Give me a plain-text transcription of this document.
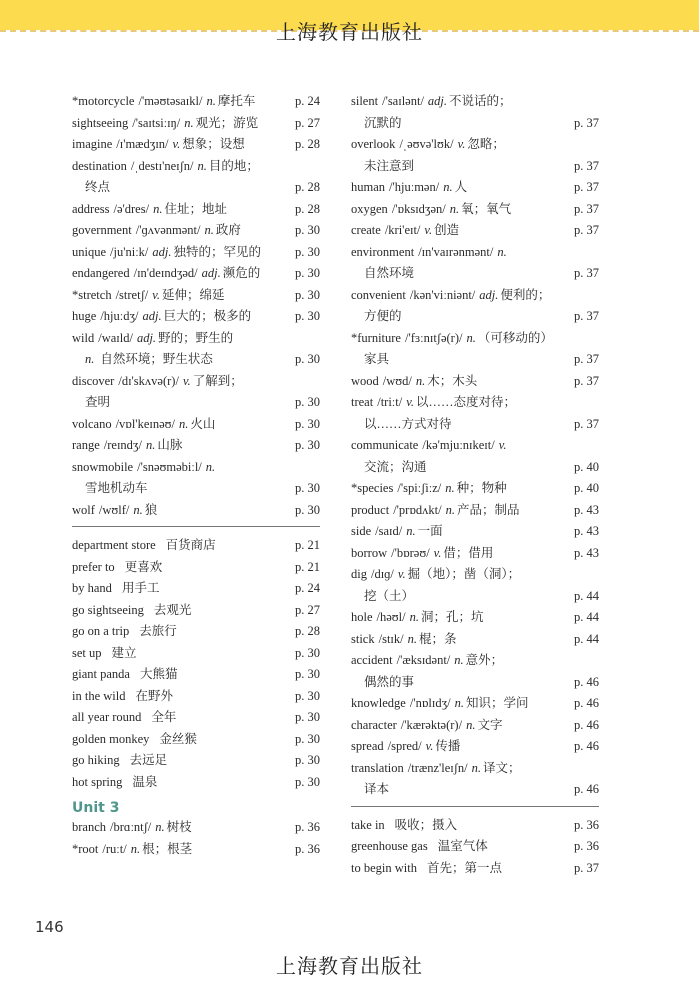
上海教育出版社
*motorcycle /'məʊtəsaɪkl/ n. 摩托车	p. 24
sightseeing /'saɪtsiːɪŋ/ n. 观光；游览	p. 27
imagine /ɪ'mædʒɪn/ v. 想象；设想	p. 28
destination /ˌdestɪ'neɪʃn/ n. 目的地；
终点	p. 28
address /ə'dres/ n. 住址；地址	p. 28
government /'ɡʌvənmənt/ n. 政府	p. 30
unique /ju'niːk/ adj. 独特的；罕见的	p. 30
endangered /ɪn'deɪndʒəd/ adj. 濒危的	p. 30
*stretch /stretʃ/ v. 延伸；绵延	p. 30
huge /hjuːdʒ/ adj. 巨大的；极多的	p. 30
wild /waɪld/ adj. 野的；野生的
n. 自然环境；野生状态	p. 30
discover /dɪ'skʌvə(r)/ v. 了解到；
查明	p. 30
volcano /vɒl'keɪnəʊ/ n. 火山	p. 30
range /reɪndʒ/ n. 山脉	p. 30
snowmobile /'snəʊməbiːl/ n.
雪地机动车	p. 30
wolf /wʊlf/ n. 狼	p. 30
department store 百货商店	p. 21
prefer to 更喜欢	p. 21
by hand 用手工	p. 24
go sightseeing 去观光	p. 27
go on a trip 去旅行	p. 28
set up 建立	p. 30
giant panda 大熊猫	p. 30
in the wild 在野外	p. 30
all year round 全年	p. 30
golden monkey 金丝猴	p. 30
go hiking 去远足	p. 30
hot spring 温泉	p. 30
Unit 3
branch /brɑːntʃ/ n. 树枝	p. 36
*root /ruːt/ n. 根；根茎	p. 36
silent /'saɪlənt/ adj. 不说话的；
沉默的	p. 37
overlook /ˌəʊvə'lʊk/ v. 忽略；
未注意到	p. 37
human /'hjuːmən/ n. 人	p. 37
oxygen /'ɒksɪdʒən/ n. 氧；氧气	p. 37
create /kri'eɪt/ v. 创造	p. 37
environment /ɪn'vaɪrənmənt/ n.
自然环境	p. 37
convenient /kən'viːniənt/ adj. 便利的；
方便的	p. 37
*furniture /'fɜːnɪtʃə(r)/ n. （可移动的）
家具	p. 37
wood /wʊd/ n. 木；木头	p. 37
treat /triːt/ v. 以……态度对待；
以……方式对待	p. 37
communicate /kə'mjuːnɪkeɪt/ v.
交流；沟通	p. 40
*species /'spiːʃiːz/ n. 种；物种	p. 40
product /'prɒdʌkt/ n. 产品；制品	p. 43
side /saɪd/ n. 一面	p. 43
borrow /'bɒrəʊ/ v. 借；借用	p. 43
dig /dɪɡ/ v. 掘（地）；凿（洞）；
挖（土）	p. 44
hole /həʊl/ n. 洞；孔；坑	p. 44
stick /stɪk/ n. 棍；条	p. 44
accident /'æksɪdənt/ n. 意外；
偶然的事	p. 46
knowledge /'nɒlɪdʒ/ n. 知识；学问	p. 46
character /'kærəktə(r)/ n. 文字	p. 46
spread /spred/ v. 传播	p. 46
translation /trænz'leɪʃn/ n. 译文；
译本	p. 46
take in 吸收；摄入	p. 36
greenhouse gas 温室气体	p. 36
to begin with 首先；第一点	p. 37
146
上海教育出版社
